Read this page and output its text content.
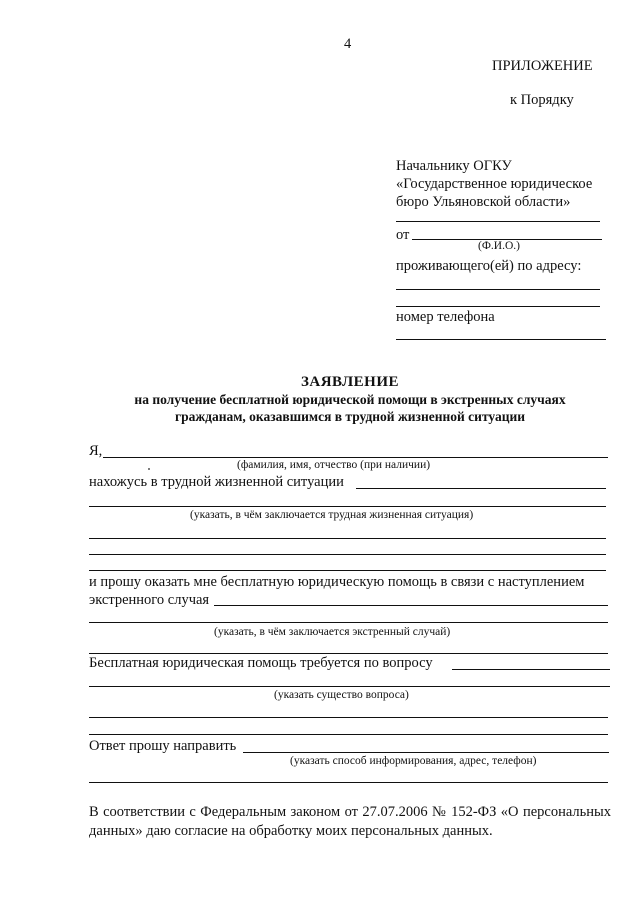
4
ПРИЛОЖЕНИЕ
к Порядку
Начальнику ОГКУ
«Государственное юридическое
бюро Ульяновской области»
от
(Ф.И.О.)
проживающего(ей) по адресу:
номер телефона
ЗАЯВЛЕНИЕ
на получение бесплатной юридической помощи в экстренных случаях
гражданам, оказавшимся в трудной жизненной ситуации
Я,
(фамилия, имя, отчество (при наличии)
нахожусь в трудной жизненной ситуации
(указать, в чём заключается трудная жизненная ситуация)
и прошу оказать мне бесплатную юридическую помощь в связи с наступлением
экстренного случая
(указать, в чём заключается экстренный случай)
Бесплатная юридическая помощь требуется по вопросу
(указать существо вопроса)
Ответ прошу направить
(указать способ информирования, адрес, телефон)
В соответствии с Федеральным законом от 27.07.2006 № 152-ФЗ «О персональных данных» даю согласие на обработку моих персональных данных.
